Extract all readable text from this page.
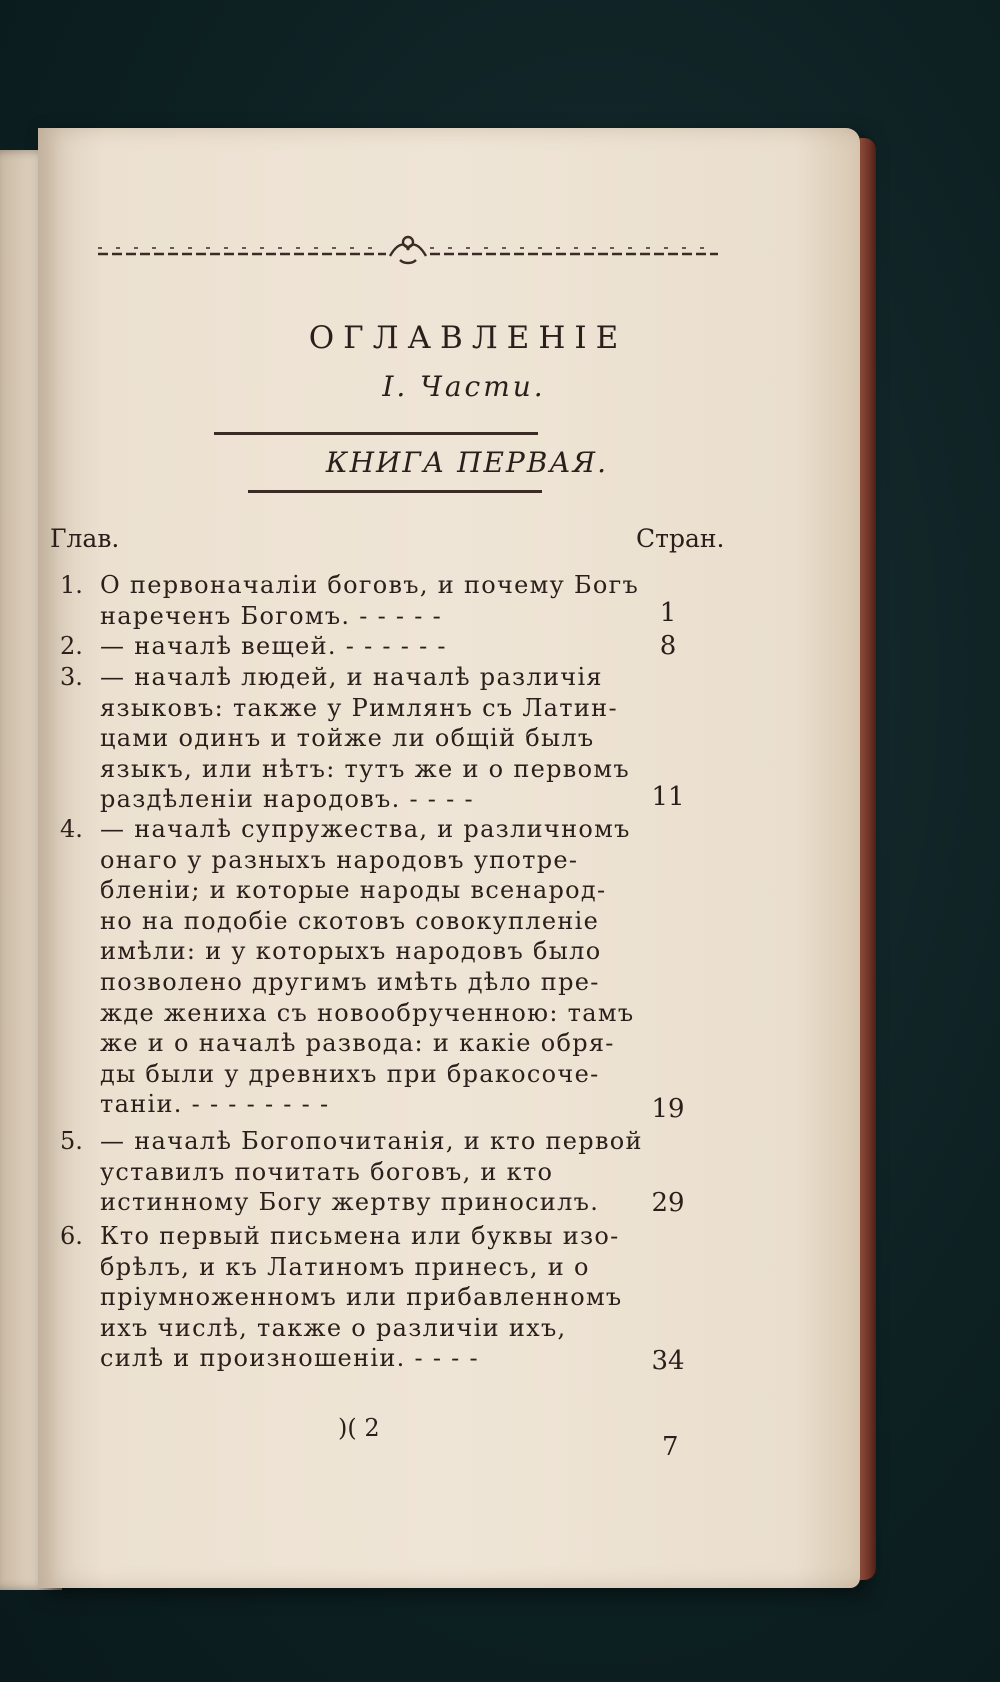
ОГЛАВЛЕНІЕ
I. Части.
КНИГА ПЕРВАЯ.
Глав.	Стран.
1. О первоначаліи боговъ, и почему Богъ
нареченъ Богомъ. - - - - -	1
2. — началѣ вещей. - - - - - -	8
3. — началѣ людей, и началѣ различія
языковъ: также у Римлянъ съ Латин-
цами одинъ и тойже ли общій былъ
языкъ, или нѣтъ: тутъ же и о первомъ
раздѣленіи народовъ. - - - -	11
4. — началѣ супружества, и различномъ
онаго у разныхъ народовъ употре-
бленіи; и которые народы всенарод-
но на подобіе скотовъ совокупленіе
имѣли: и у которыхъ народовъ было
позволено другимъ имѣть дѣло пре-
жде жениха съ новообрученною: тамъ
же и о началѣ развода: и какіе обря-
ды были у древнихъ при бракосоче-
таніи. - - - - - - - -	19
5. — началѣ Богопочитанія, и кто первой
уставилъ почитать боговъ, и кто
истинному Богу жертву приносилъ.	29
6. Кто первый письмена или буквы изо-
брѣлъ, и къ Латиномъ принесъ, и о
пріумноженномъ или прибавленномъ
ихъ числѣ, также о различіи ихъ,
силѣ и произношеніи. - - - -	34
)( 2
7
